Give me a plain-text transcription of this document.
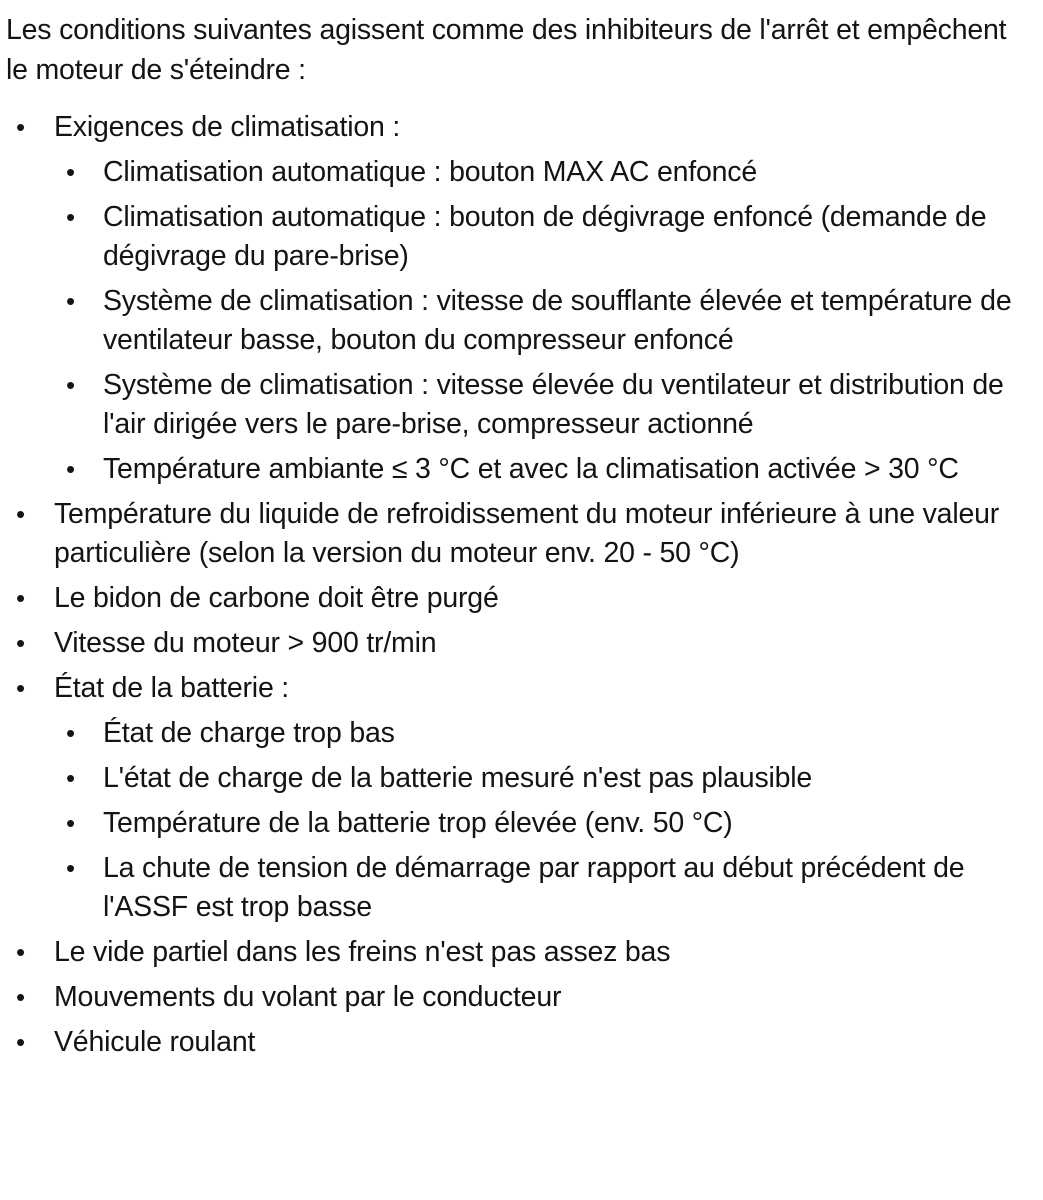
Les conditions suivantes agissent comme des inhibiteurs de l'arrêt et empêchent le moteur de s'éteindre :

• Exigences de climatisation :
• Climatisation automatique : bouton MAX AC enfoncé
• Climatisation automatique : bouton de dégivrage enfoncé (demande de dégivrage du pare-brise)
• Système de climatisation : vitesse de soufflante élevée et température de ventilateur basse, bouton du compresseur enfoncé
• Système de climatisation : vitesse élevée du ventilateur et distribution de l'air dirigée vers le pare-brise, compresseur actionné
• Température ambiante ≤ 3 °C et avec la climatisation activée > 30 °C
• Température du liquide de refroidissement du moteur inférieure à une valeur particulière (selon la version du moteur env. 20 - 50 °C)
• Le bidon de carbone doit être purgé
• Vitesse du moteur > 900 tr/min
• État de la batterie :
• État de charge trop bas
• L'état de charge de la batterie mesuré n'est pas plausible
• Température de la batterie trop élevée (env. 50 °C)
• La chute de tension de démarrage par rapport au début précédent de l'ASSF est trop basse
• Le vide partiel dans les freins n'est pas assez bas
• Mouvements du volant par le conducteur
• Véhicule roulant
